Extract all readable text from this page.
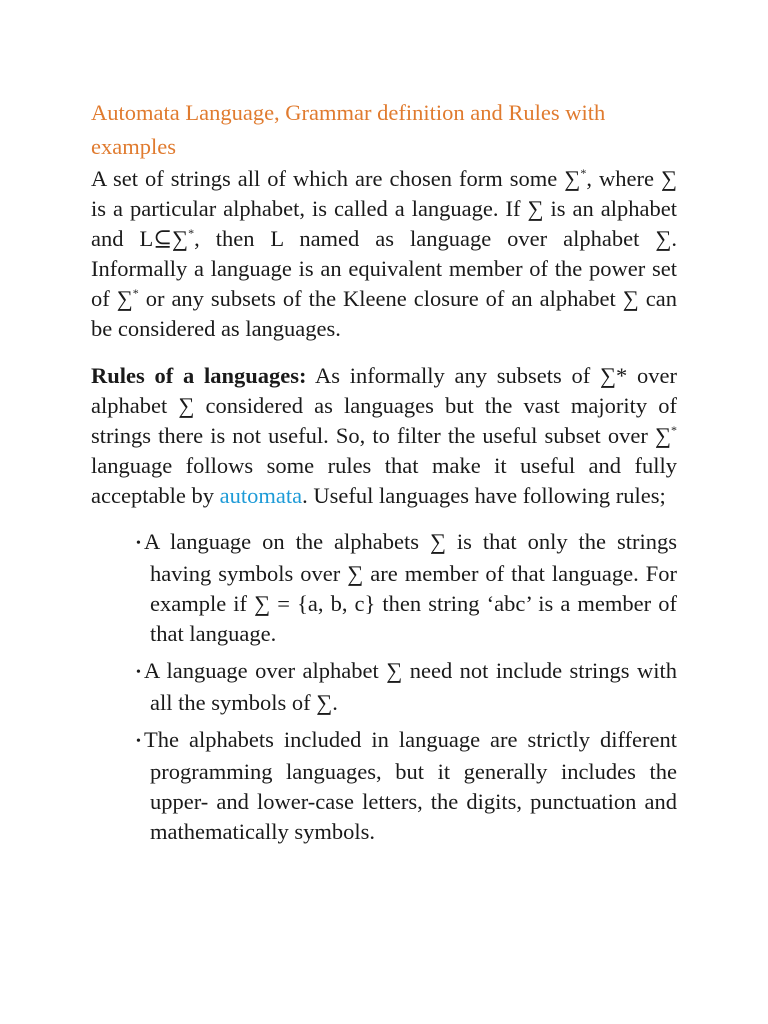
Automata Language, Grammar definition and Rules with examples

A set of strings all of which are chosen form some ∑*, where ∑ is a particular alphabet, is called a language. If ∑ is an alphabet and L⊆∑*, then L named as language over alphabet ∑. Informally a language is an equivalent member of the power set of ∑* or any subsets of the Kleene closure of an alphabet ∑ can be considered as languages.

Rules of a languages: As informally any subsets of ∑* over alphabet ∑ considered as languages but the vast majority of strings there is not useful. So, to filter the useful subset over ∑* language follows some rules that make it useful and fully acceptable by automata. Useful languages have following rules;

• A language on the alphabets ∑ is that only the strings having symbols over ∑ are member of that language. For example if ∑ = {a, b, c} then string ‘abc’ is a member of that language.
• A language over alphabet ∑ need not include strings with all the symbols of ∑.
• The alphabets included in language are strictly different programming languages, but it generally includes the upper- and lower-case letters, the digits, punctuation and mathematically symbols.
